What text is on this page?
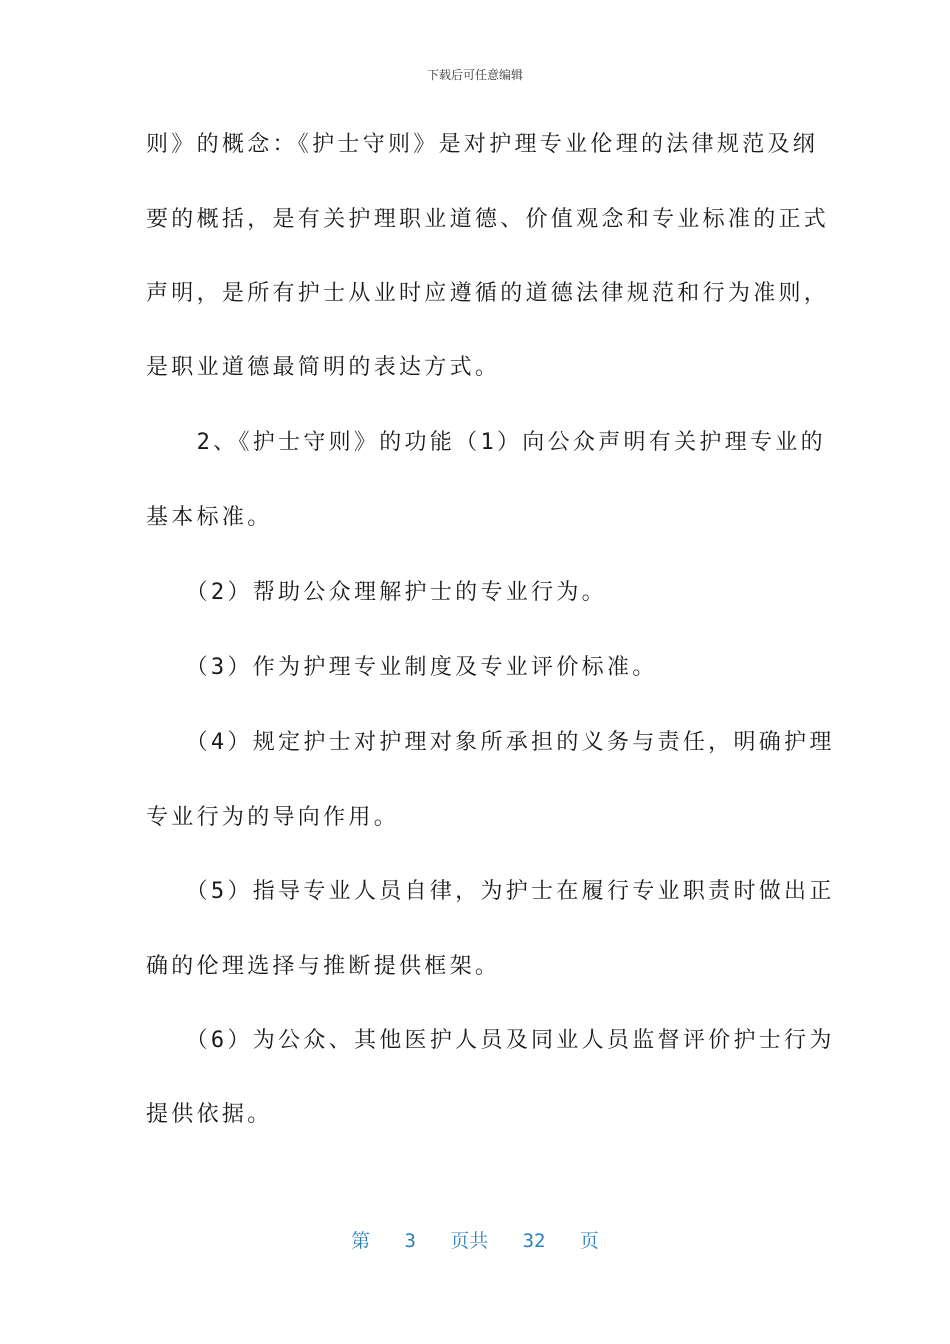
下载后可任意编辑
则》的概念：《护士守则》是对护理专业伦理的法律规范及纲
要的概括，是有关护理职业道德、价值观念和专业标准的正式
声明，是所有护士从业时应遵循的道德法律规范和行为准则，
是职业道德最简明的表达方式。
　　2、《护士守则》的功能（1）向公众声明有关护理专业的
基本标准。
　　（2）帮助公众理解护士的专业行为。
　　（3）作为护理专业制度及专业评价标准。
　　（4）规定护士对护理对象所承担的义务与责任，明确护理
专业行为的导向作用。
　　（5）指导专业人员自律，为护士在履行专业职责时做出正
确的伦理选择与推断提供框架。
　　（6）为公众、其他医护人员及同业人员监督评价护士行为
提供依据。
第 3 页共 32 页
